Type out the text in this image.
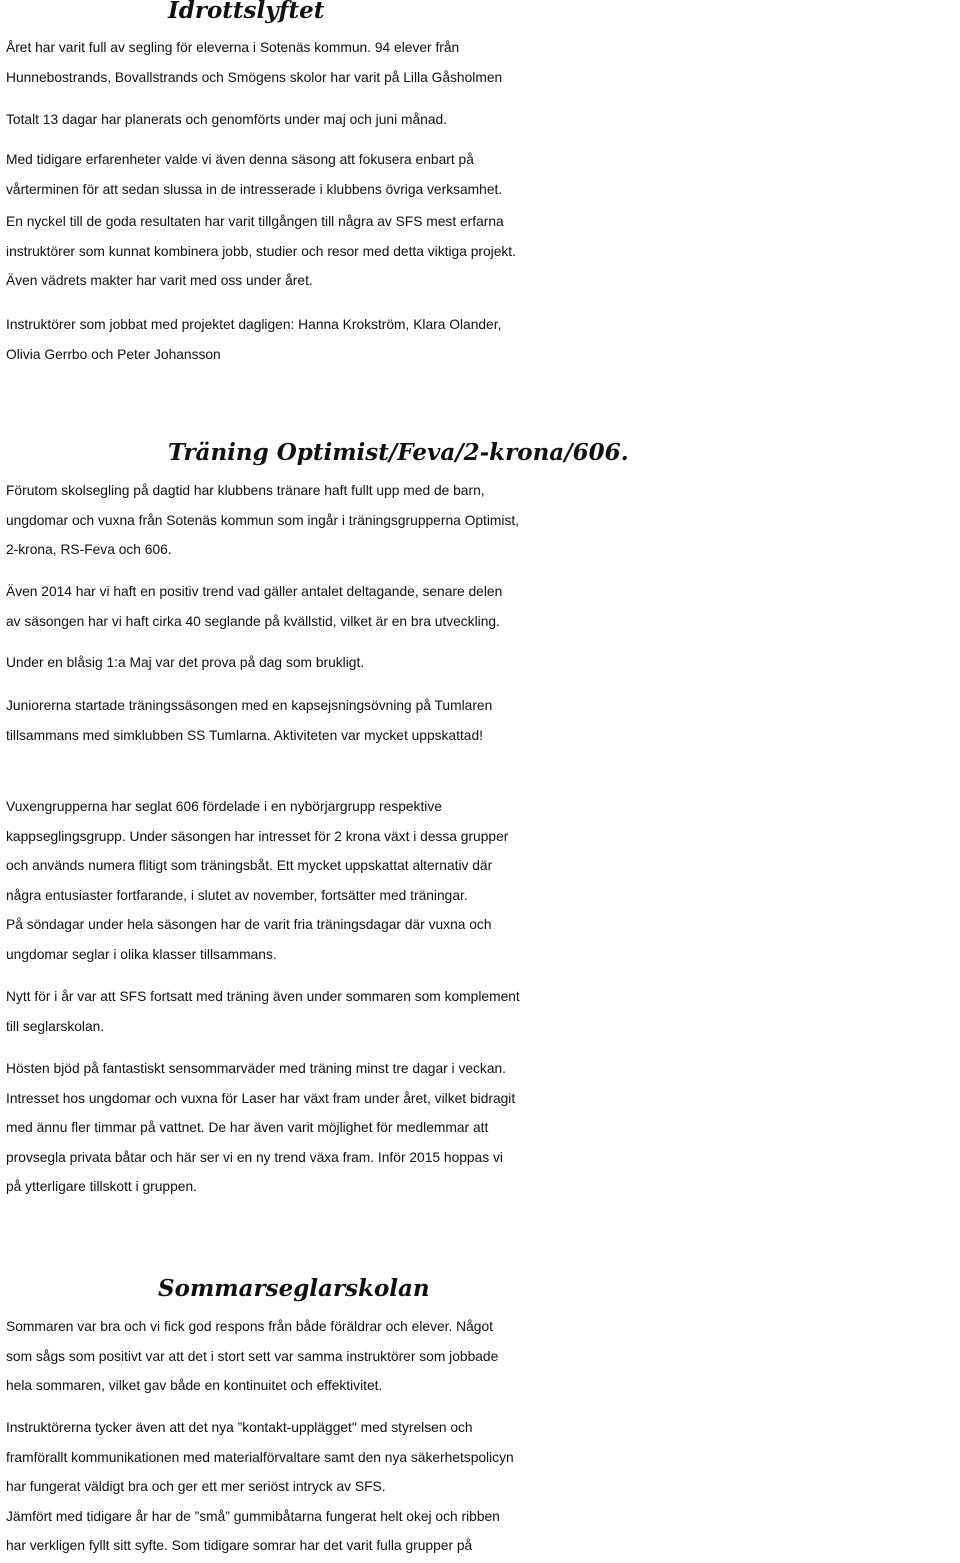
Idrottslyftet

Året har varit full av segling för eleverna i Sotenäs kommun. 94 elever från
Hunnebostrands, Bovallstrands och Smögens skolor har varit på Lilla Gåsholmen

Totalt 13 dagar har planerats och genomförts under maj och juni månad.

Med tidigare erfarenheter valde vi även denna säsong att fokusera enbart på
vårterminen för att sedan slussa in de intresserade i klubbens övriga verksamhet.

En nyckel till de goda resultaten har varit tillgången till några av SFS mest erfarna
instruktörer som kunnat kombinera jobb, studier och resor med detta viktiga projekt.
Även vädrets makter har varit med oss under året.

Instruktörer som jobbat med projektet dagligen: Hanna Krokström, Klara Olander,
Olivia Gerrbo och Peter Johansson

Träning Optimist/Feva/2-krona/606.

Förutom skolsegling på dagtid har klubbens tränare haft fullt upp med de barn,
ungdomar och vuxna från Sotenäs kommun som ingår i träningsgrupperna Optimist,
2-krona, RS-Feva och 606.

Även 2014 har vi haft en positiv trend vad gäller antalet deltagande, senare delen
av säsongen har vi haft cirka 40 seglande på kvällstid, vilket är en bra utveckling.

Under en blåsig 1:a Maj var det prova på dag som brukligt.

Juniorerna startade träningssäsongen med en kapsejsningsövning på Tumlaren
tillsammans med simklubben SS Tumlarna. Aktiviteten var mycket uppskattad!

Vuxengrupperna har seglat 606 fördelade i en nybörjargrupp respektive
kappseglingsgrupp. Under säsongen har intresset för 2 krona växt i dessa grupper
och används numera flitigt som träningsbåt. Ett mycket uppskattat alternativ där
några entusiaster fortfarande, i slutet av november, fortsätter med träningar.
På söndagar under hela säsongen har de varit fria träningsdagar där vuxna och
ungdomar seglar i olika klasser tillsammans.

Nytt för i år var att SFS fortsatt med träning även under sommaren som komplement
till seglarskolan.

Hösten bjöd på fantastiskt sensommarväder med träning minst tre dagar i veckan.
Intresset hos ungdomar och vuxna för Laser har växt fram under året, vilket bidragit
med ännu fler timmar på vattnet. De har även varit möjlighet för medlemmar att
provsegla privata båtar och här ser vi en ny trend växa fram. Inför 2015 hoppas vi
på ytterligare tillskott i gruppen.

Sommarseglarskolan

Sommaren var bra och vi fick god respons från både föräldrar och elever. Något
som sågs som positivt var att det i stort sett var samma instruktörer som jobbade
hela sommaren, vilket gav både en kontinuitet och effektivitet.

Instruktörerna tycker även att det nya ”kontakt-upplägget" med styrelsen och
framförallt kommunikationen med materialförvaltare samt den nya säkerhetspolicyn
har fungerat väldigt bra och ger ett mer seriöst intryck av SFS.
Jämfört med tidigare år har de ”små” gummibåtarna fungerat helt okej och ribben
har verkligen fyllt sitt syfte. Som tidigare somrar har det varit fulla grupper på
